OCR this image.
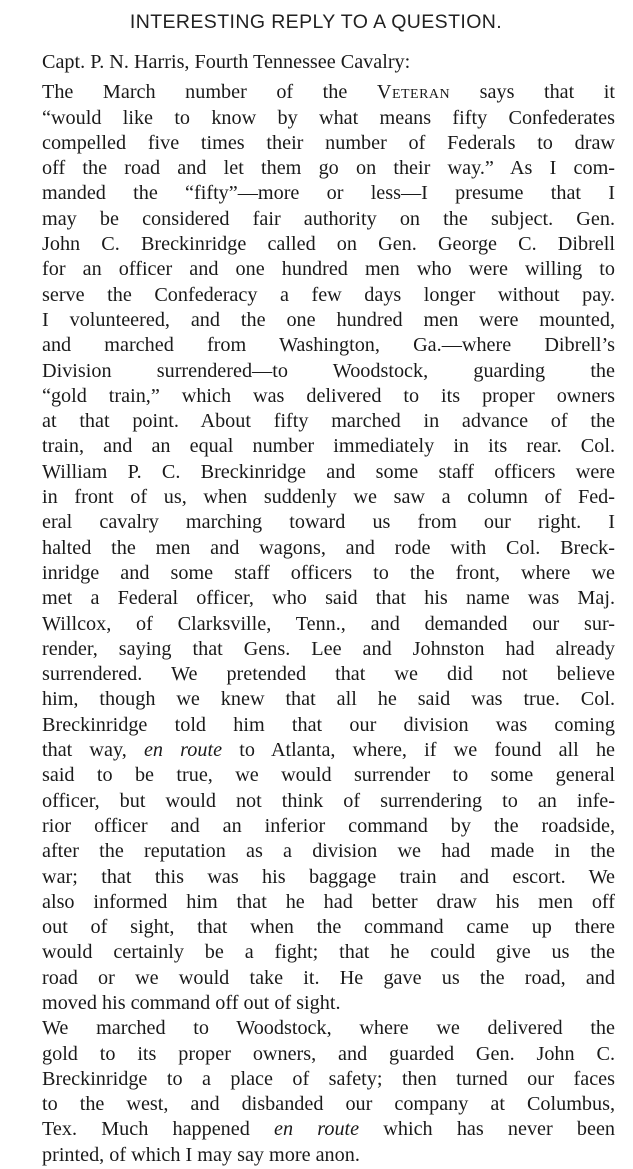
INTERESTING REPLY TO A QUESTION.

Capt. P. N. Harris, Fourth Tennessee Cavalry:

The March number of the Veteran says that it
“would like to know by what means fifty Confederates
compelled five times their number of Federals to draw
off the road and let them go on their way.” As I com-
manded the “fifty”—more or less—I presume that I
may be considered fair authority on the subject. Gen.
John C. Breckinridge called on Gen. George C. Dibrell
for an officer and one hundred men who were willing to
serve the Confederacy a few days longer without pay.
I volunteered, and the one hundred men were mounted,
and marched from Washington, Ga.—where Dibrell’s
Division surrendered—to Woodstock, guarding the
“gold train,” which was delivered to its proper owners
at that point. About fifty marched in advance of the
train, and an equal number immediately in its rear. Col.
William P. C. Breckinridge and some staff officers were
in front of us, when suddenly we saw a column of Fed-
eral cavalry marching toward us from our right. I
halted the men and wagons, and rode with Col. Breck-
inridge and some staff officers to the front, where we
met a Federal officer, who said that his name was Maj.
Willcox, of Clarksville, Tenn., and demanded our sur-
render, saying that Gens. Lee and Johnston had already
surrendered. We pretended that we did not believe
him, though we knew that all he said was true. Col.
Breckinridge told him that our division was coming
that way, en route to Atlanta, where, if we found all he
said to be true, we would surrender to some general
officer, but would not think of surrendering to an infe-
rior officer and an inferior command by the roadside,
after the reputation as a division we had made in the
war; that this was his baggage train and escort. We
also informed him that he had better draw his men off
out of sight, that when the command came up there
would certainly be a fight; that he could give us the
road or we would take it. He gave us the road, and
moved his command off out of sight.
We marched to Woodstock, where we delivered the
gold to its proper owners, and guarded Gen. John C.
Breckinridge to a place of safety; then turned our faces
to the west, and disbanded our company at Columbus,
Tex. Much happened en route which has never been
printed, of which I may say more anon.
